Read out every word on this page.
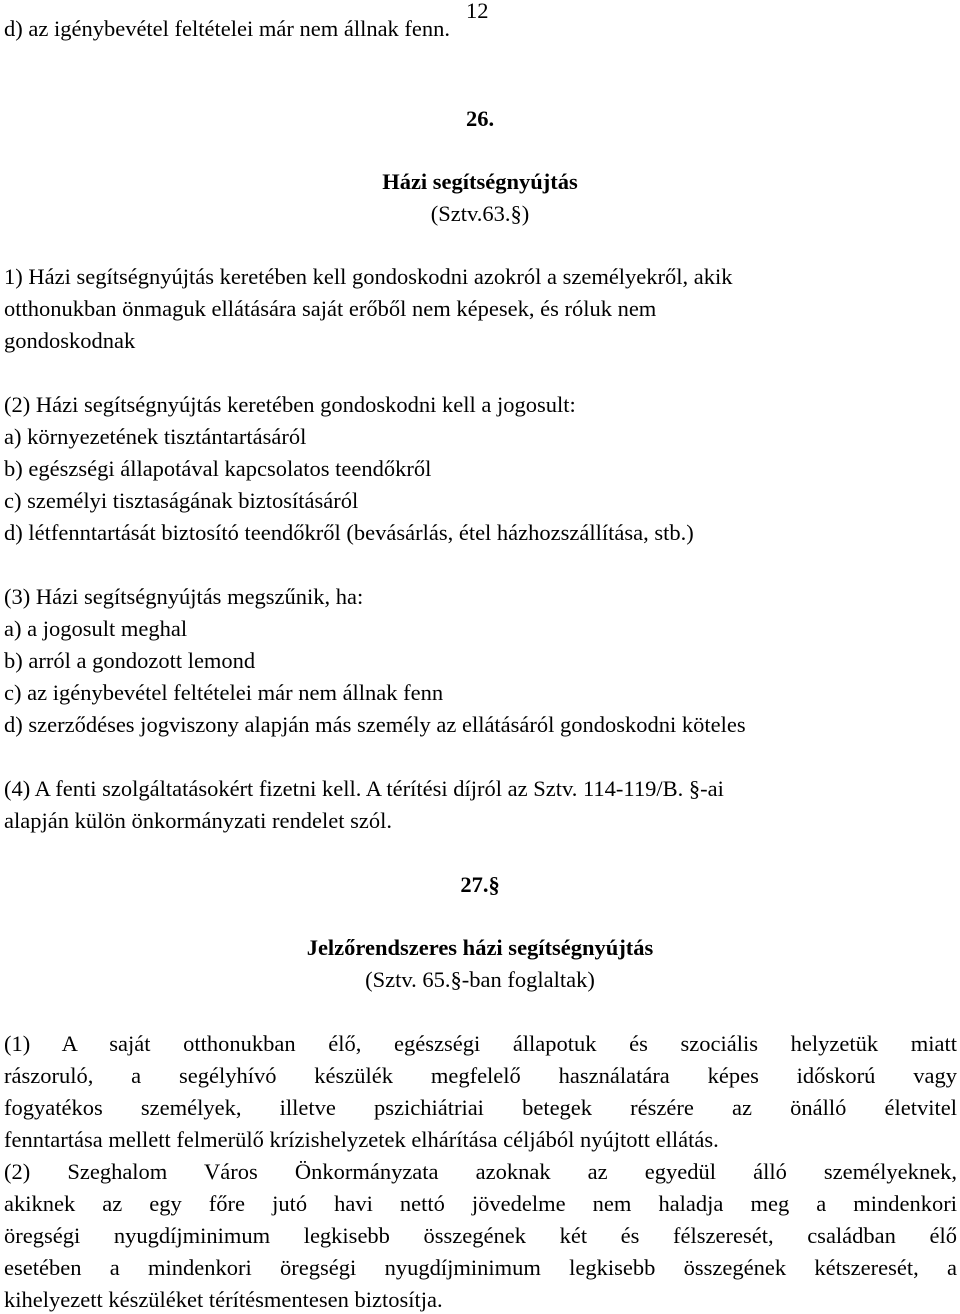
12
d) az igénybevétel feltételei már nem állnak fenn.
26.
Házi segítségnyújtás
(Sztv.63.§)
1) Házi segítségnyújtás keretében kell gondoskodni azokról a személyekről, akik
otthonukban önmaguk ellátására saját erőből nem képesek, és róluk nem
gondoskodnak
(2) Házi segítségnyújtás keretében gondoskodni kell a jogosult:
a) környezetének tisztántartásáról
b) egészségi állapotával kapcsolatos teendőkről
c) személyi tisztaságának biztosításáról
d) létfenntartását biztosító teendőkről (bevásárlás, étel házhozszállítása, stb.)
(3) Házi segítségnyújtás megszűnik, ha:
a) a jogosult meghal
b) arról a gondozott lemond
c) az igénybevétel feltételei már nem állnak fenn
d) szerződéses jogviszony alapján más személy az ellátásáról gondoskodni köteles
(4) A fenti szolgáltatásokért fizetni kell. A térítési díjról az Sztv. 114-119/B. §-ai
alapján külön önkormányzati rendelet szól.
27.§
Jelzőrendszeres házi segítségnyújtás
(Sztv. 65.§-ban foglaltak)
(1) A saját otthonukban élő, egészségi állapotuk és szociális helyzetük miatt
rászoruló, a segélyhívó készülék megfelelő használatára képes időskorú vagy
fogyatékos személyek, illetve pszichiátriai betegek részére az önálló életvitel
fenntartása mellett felmerülő krízishelyzetek elhárítása céljából nyújtott ellátás.
(2) Szeghalom Város Önkormányzata azoknak az egyedül álló személyeknek,
akiknek az egy főre jutó havi nettó jövedelme nem haladja meg a mindenkori
öregségi nyugdíjminimum legkisebb összegének két és félszeresét, családban élő
esetében a mindenkori öregségi nyugdíjminimum legkisebb összegének kétszeresét, a
kihelyezett készüléket térítésmentesen biztosítja.
